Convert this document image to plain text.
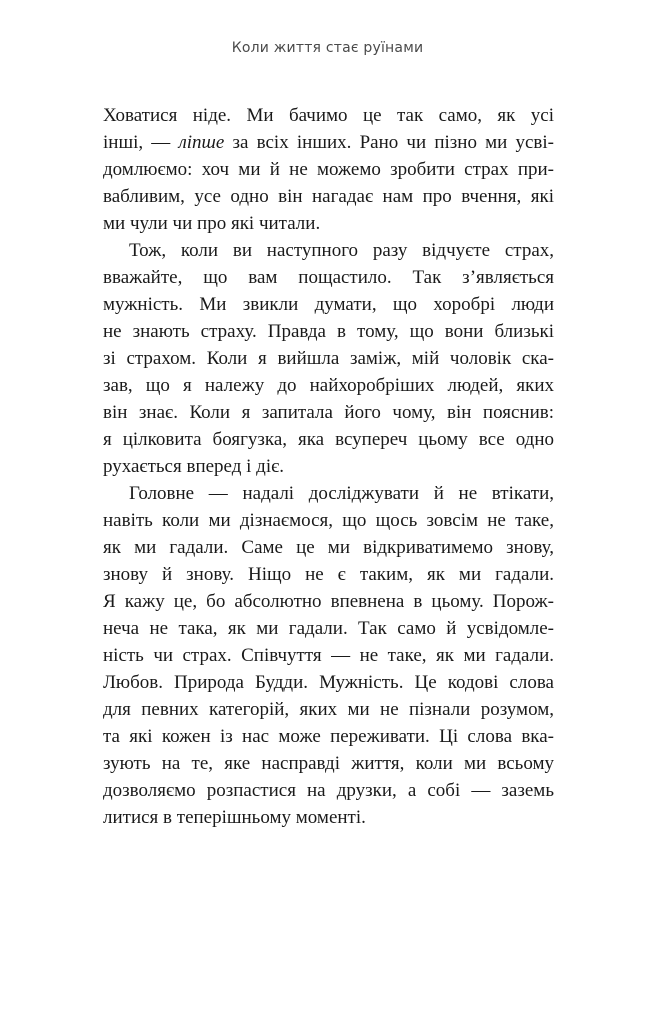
Коли життя стає руїнами
Ховатися ніде. Ми бачимо це так само, як усі
інші, — ліпше за всіх інших. Рано чи пізно ми усві-
домлюємо: хоч ми й не можемо зробити страх при-
вабливим, усе одно він нагадає нам про вчення, які
ми чули чи про які читали.
Тож, коли ви наступного разу відчуєте страх,
вважайте, що вам пощастило. Так з’являється
мужність. Ми звикли думати, що хоробрі люди
не знають страху. Правда в тому, що вони близькі
зі страхом. Коли я вийшла заміж, мій чоловік ска-
зав, що я належу до найхоробріших людей, яких
він знає. Коли я запитала його чому, він пояснив:
я цілковита боягузка, яка всупереч цьому все одно
рухається вперед і діє.
Головне — надалі досліджувати й не втікати,
навіть коли ми дізнаємося, що щось зовсім не таке,
як ми гадали. Саме це ми відкриватимемо знову,
знову й знову. Ніщо не є таким, як ми гадали.
Я кажу це, бо абсолютно впевнена в цьому. Порож-
неча не така, як ми гадали. Так само й усвідомле-
ність чи страх. Співчуття — не таке, як ми гадали.
Любов. Природа Будди. Мужність. Це кодові слова
для певних категорій, яких ми не пізнали розумом,
та які кожен із нас може переживати. Ці слова вка-
зують на те, яке насправді життя, коли ми всьому
дозволяємо розпастися на друзки, а собі — заземь
литися в теперішньому моменті.
